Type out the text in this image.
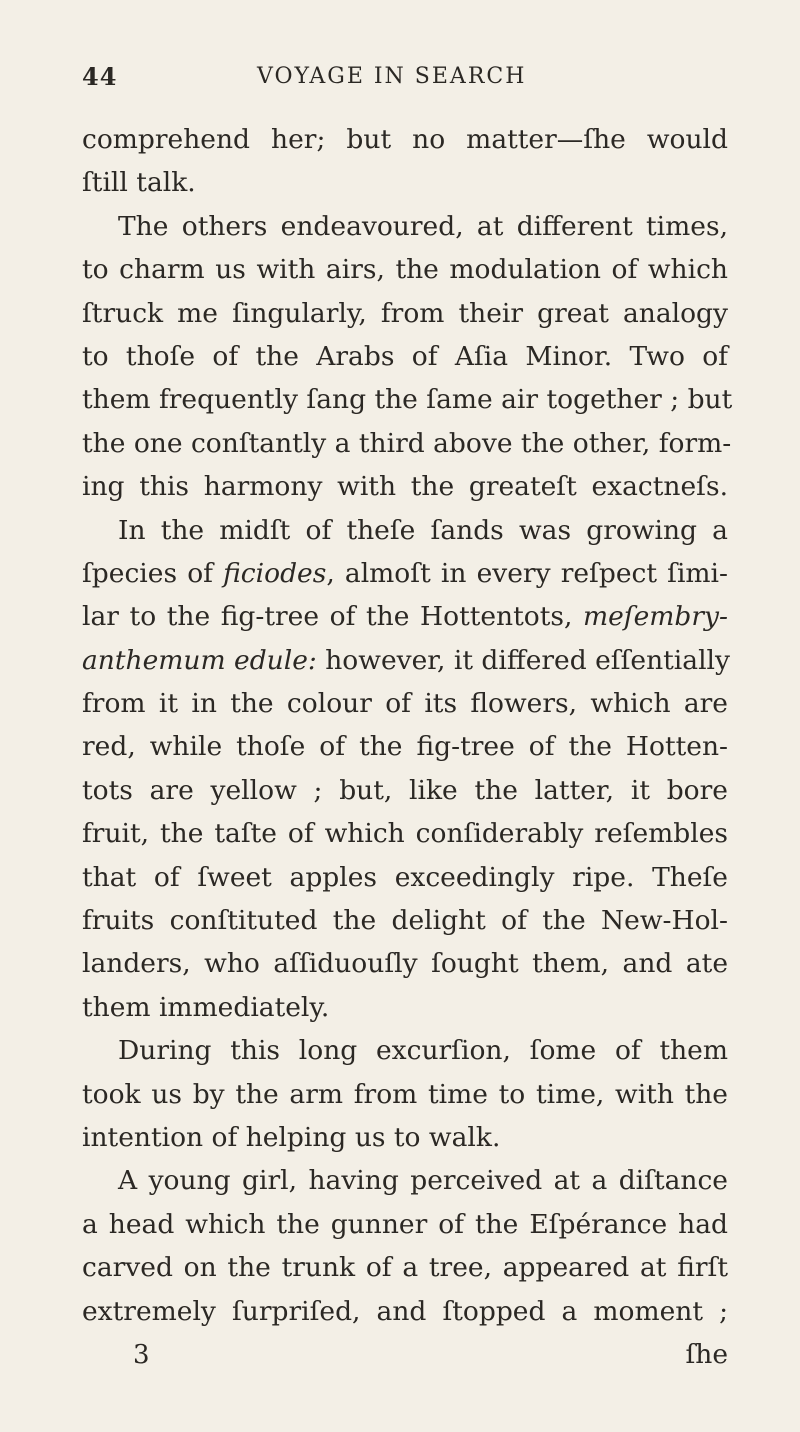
44	VOYAGE IN SEARCH
comprehend her; but no matter—ſhe would
ſtill talk.
The others endeavoured, at different times,
to charm us with airs, the modulation of which
ſtruck me ſingularly, from their great analogy
to thoſe of the Arabs of Aſia Minor. Two of
them frequently ſang the ſame air together ; but
the one conſtantly a third above the other, form-
ing this harmony with the greateſt exactneſs.
In the midſt of theſe ſands was growing a
ſpecies of ficiodes, almoſt in every reſpect ſimi-
lar to the fig-tree of the Hottentots, meſembry-
anthemum edule: however, it differed eſſentially
from it in the colour of its flowers, which are
red, while thoſe of the fig-tree of the Hotten-
tots are yellow ; but, like the latter, it bore
fruit, the taſte of which conſiderably reſembles
that of ſweet apples exceedingly ripe. Theſe
fruits conſtituted the delight of the New-Hol-
landers, who aſſiduouſly ſought them, and ate
them immediately.
During this long excurſion, ſome of them
took us by the arm from time to time, with the
intention of helping us to walk.
A young girl, having perceived at a diſtance
a head which the gunner of the Eſpérance had
carved on the trunk of a tree, appeared at firſt
extremely ſurpriſed, and ſtopped a moment ;
ſhe
3
